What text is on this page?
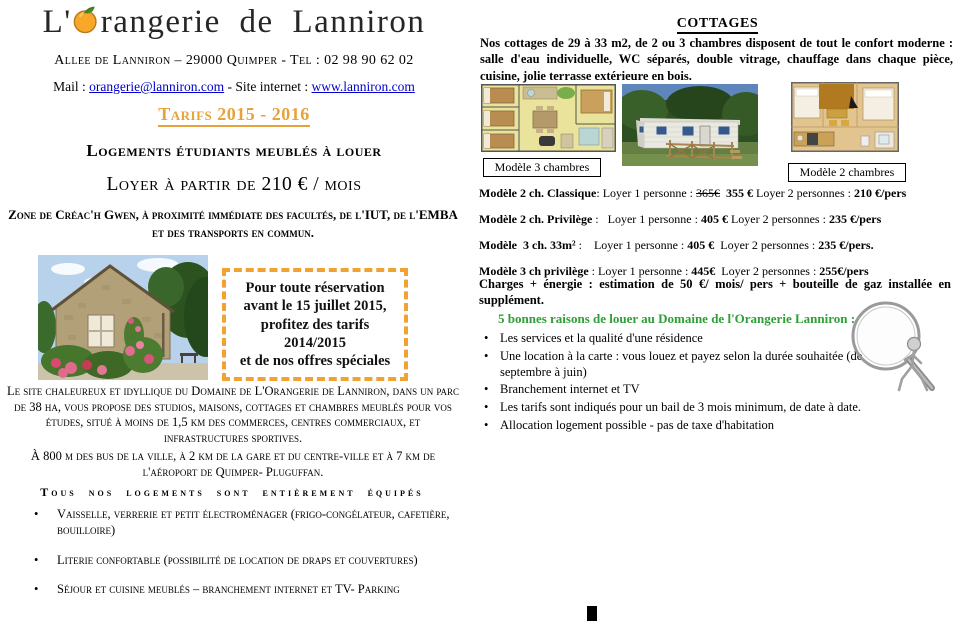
L' rangerie de Lanniron
Allee de Lanniron – 29000 Quimper - Tel : 02 98 90 62 02
Mail : orangerie@lanniron.com - Site internet : www.lanniron.com
Tarifs 2015 - 2016
Logements étudiants meublés à louer
Loyer à partir de 210 € / mois
Zone de Créac'h Gwen, à proximité immédiate des facultés, de l'IUT, de l'EMBA et des transports en commun.
Pour toute réservation
avant le 15 juillet 2015,
profitez des tarifs
2014/2015
et de nos offres spéciales
Le site chaleureux et idyllique du Domaine de L'Orangerie de Lanniron, dans un parc de 38 ha, vous propose des studios, maisons, cottages et chambres meublés pour vos études, situé à moins de 1,5 km des commerces, centres commerciaux, et infrastructures sportives.
À 800 m des bus de la ville, à 2 km de la gare et du centre-ville et à 7 km de l'aéroport de Quimper- Pluguffan.
Tous nos logements sont entièrement équipés
• Vaisselle, verrerie et petit électroménager (frigo-congélateur, cafetière, bouilloire)
• Literie confortable (possibilité de location de draps et couvertures)
• Séjour et cuisine meublés – branchement internet et TV- Parking
COTTAGES
Nos cottages de 29 à 33 m2, de 2 ou 3 chambres disposent de tout le confort moderne : salle d'eau individuelle, WC séparés, double vitrage, chauffage dans chaque pièce, cuisine, jolie terrasse extérieure en bois.
Modèle 3 chambres	Modèle 2 chambres
Modèle 2 ch. Classique: Loyer 1 personne : 365€  355 € Loyer 2 personnes : 210 €/pers
Modèle 2 ch. Privilège :   Loyer 1 personne : 405 € Loyer 2 personnes : 235 €/pers
Modèle  3 ch. 33m² :    Loyer 1 personne : 405 €  Loyer 2 personnes : 235 €/pers.
Modèle 3 ch privilège : Loyer 1 personne : 445€  Loyer 2 personnes : 255€/pers
Charges + énergie : estimation de 50 €/ mois/ pers + bouteille de gaz installée en supplément.
5 bonnes raisons de louer au Domaine de l'Orangerie Lanniron :
• Les services et la qualité d'une résidence
• Une location à la carte : vous louez et payez selon la durée souhaitée (de septembre à juin)
• Branchement internet et TV
• Les tarifs sont indiqués pour un bail de 3 mois minimum, de date à date.
• Allocation logement possible - pas de taxe d'habitation
